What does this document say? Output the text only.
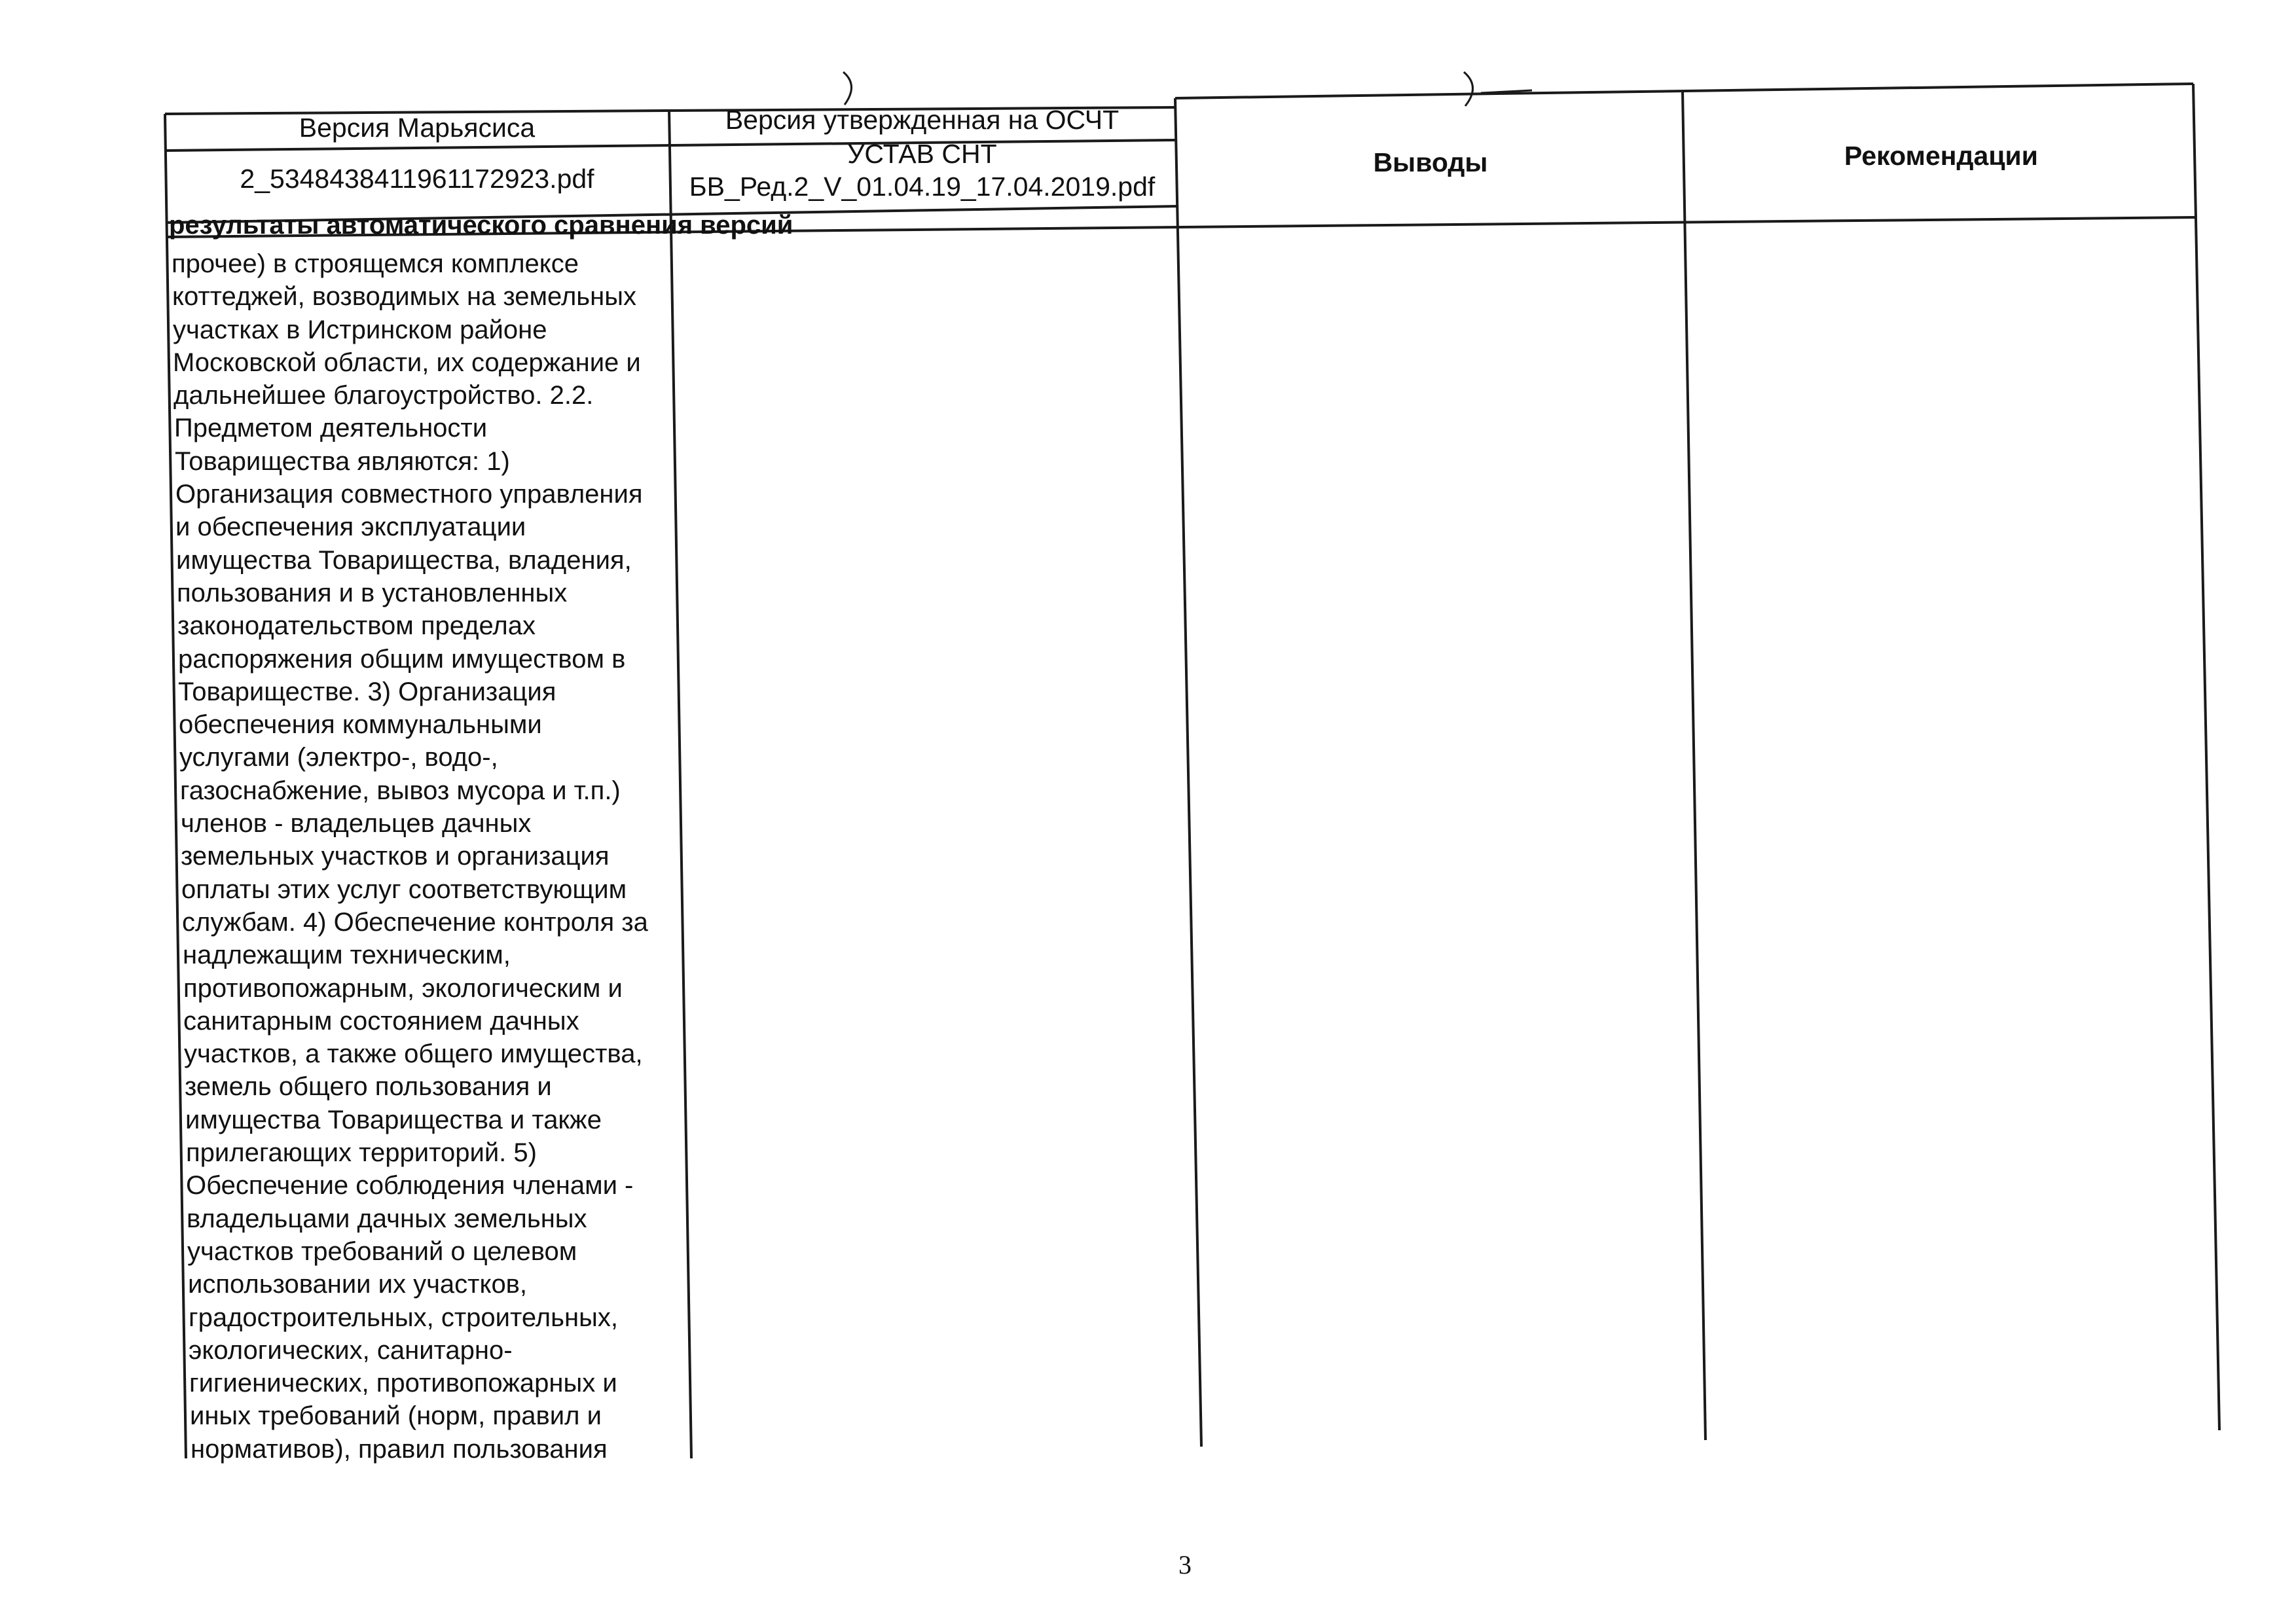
Версия Марьясиса
2_5348438411961172923.pdf
Версия утвержденная на ОСЧТ
УСТАВ СНТ
БВ_Ред.2_V_01.04.19_17.04.2019.pdf
Выводы	Рекомендации
результаты автоматического сравнения версий
прочее) в строящемся комплексе
коттеджей, возводимых на земельных
участках в Истринском районе
Московской области, их содержание и
дальнейшее благоустройство. 2.2.
Предметом деятельности
Товарищества являются: 1)
Организация совместного управления
и обеспечения эксплуатации
имущества Товарищества, владения,
пользования и в установленных
законодательством пределах
распоряжения общим имуществом в
Товариществе. 3) Организация
обеспечения коммунальными
услугами (электро-, водо-,
газоснабжение, вывоз мусора и т.п.)
членов - владельцев дачных
земельных участков и организация
оплаты этих услуг соответствующим
службам. 4) Обеспечение контроля за
надлежащим техническим,
противопожарным, экологическим и
санитарным состоянием дачных
участков, а также общего имущества,
земель общего пользования и
имущества Товарищества и также
прилегающих территорий. 5)
Обеспечение соблюдения членами -
владельцами дачных земельных
участков требований о целевом
использовании их участков,
градостроительных, строительных,
экологических, санитарно-
гигиенических, противопожарных и
иных требований (норм, правил и
нормативов), правил пользования
3
